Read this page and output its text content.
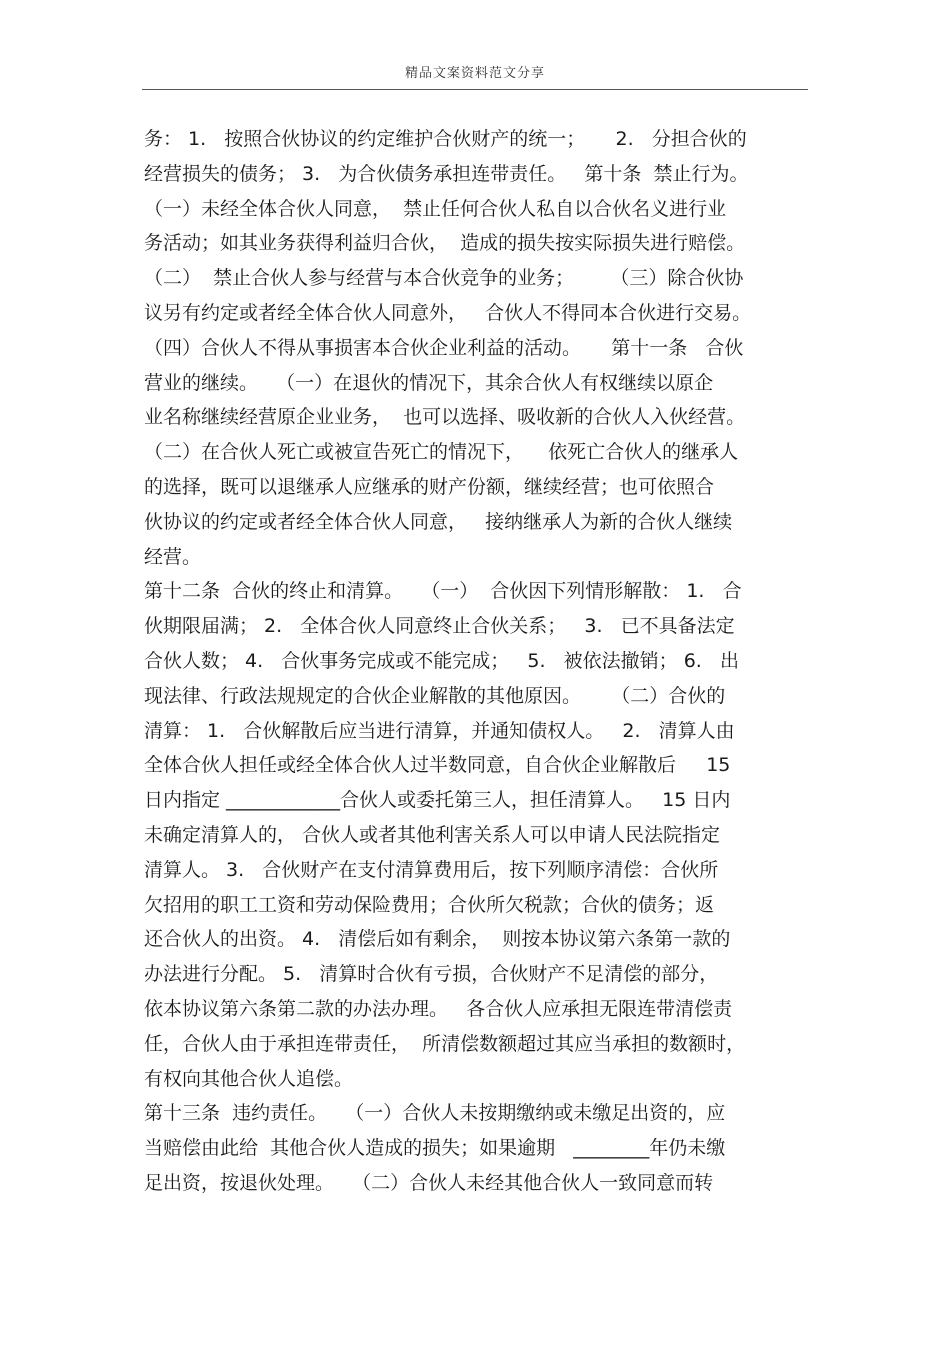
精品文案资料范文分享
务： 1.   按照合伙协议的约定维护合伙财产的统一；     2.   分担合伙的
经营损失的债务； 3.   为合伙债务承担连带责任。   第十条  禁止行为。
（一）未经全体合伙人同意，  禁止任何合伙人私自以合伙名义进行业
务活动；如其业务获得利益归合伙，  造成的损失按实际损失进行赔偿。
（二）  禁止合伙人参与经营与本合伙竞争的业务；      （三）除合伙协
议另有约定或者经全体合伙人同意外，   合伙人不得同本合伙进行交易。
（四）合伙人不得从事损害本合伙企业利益的活动。     第十一条   合伙
营业的继续。   （一）在退伙的情况下，其余合伙人有权继续以原企
业名称继续经营原企业业务，  也可以选择、吸收新的合伙人入伙经营。
（二）在合伙人死亡或被宣告死亡的情况下，    依死亡合伙人的继承人
的选择，既可以退继承人应继承的财产份额，继续经营；也可依照合
伙协议的约定或者经全体合伙人同意，   接纳继承人为新的合伙人继续
经营。
第十二条  合伙的终止和清算。   （一）  合伙因下列情形解散： 1.   合
伙期限届满； 2.   全体合伙人同意终止合伙关系；   3.   已不具备法定
合伙人数； 4.   合伙事务完成或不能完成；   5.   被依法撤销； 6.   出
现法律、行政法规规定的合伙企业解散的其他原因。     （二）合伙的
清算： 1.   合伙解散后应当进行清算，并通知债权人。   2.   清算人由
全体合伙人担任或经全体合伙人过半数同意，自合伙企业解散后     15
日内指定 ____________合伙人或委托第三人，担任清算人。   15 日内
未确定清算人的， 合伙人或者其他利害关系人可以申请人民法院指定
清算人。 3.   合伙财产在支付清算费用后，按下列顺序清偿：合伙所
欠招用的职工工资和劳动保险费用；合伙所欠税款；合伙的债务；返
还合伙人的出资。 4.   清偿后如有剩余，  则按本协议第六条第一款的
办法进行分配。 5.   清算时合伙有亏损，合伙财产不足清偿的部分，
依本协议第六条第二款的办法办理。   各合伙人应承担无限连带清偿责
任，合伙人由于承担连带责任，  所清偿数额超过其应当承担的数额时，
有权向其他合伙人追偿。
第十三条  违约责任。   （一）合伙人未按期缴纳或未缴足出资的，应
当赔偿由此给  其他合伙人造成的损失；如果逾期   ________年仍未缴
足出资，按退伙处理。   （二）合伙人未经其他合伙人一致同意而转
